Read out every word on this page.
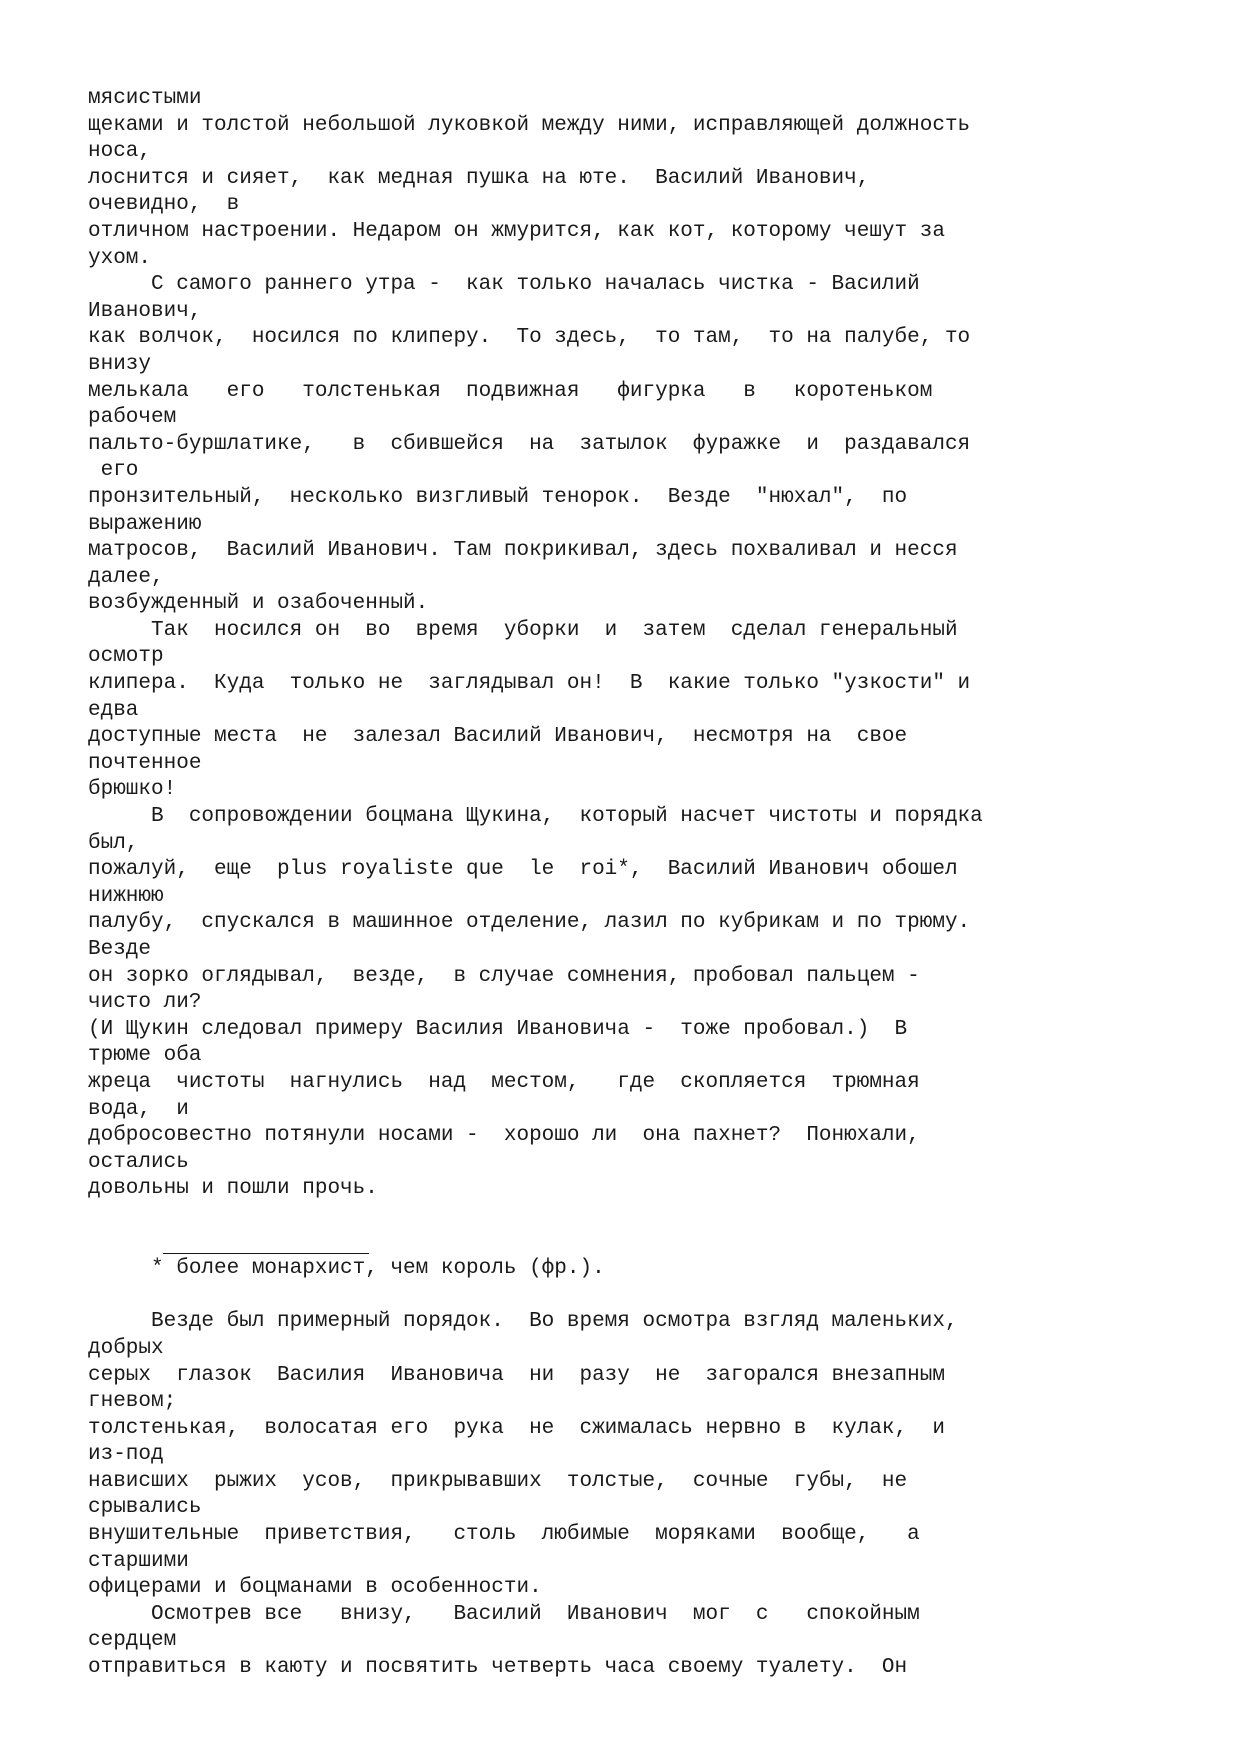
мясистыми
щеками и толстой небольшой луковкой между ними, исправляющей должность
носа,
лоснится и сияет,  как медная пушка на юте.  Василий Иванович,
очевидно,  в
отличном настроении. Недаром он жмурится, как кот, которому чешут за
ухом.
С самого раннего утра -  как только началась чистка - Василий
Иванович,
как волчок,  носился по клиперу.  То здесь,  то там,  то на палубе, то
внизу
мелькала   его   толстенькая  подвижная   фигурка   в   коротеньком
рабочем
пальто-буршлатике,   в  сбившейся  на  затылок  фуражке  и  раздавался
его
пронзительный,  несколько визгливый тенорок.  Везде  "нюхал",  по
выражению
матросов,  Василий Иванович. Там покрикивал, здесь похваливал и несся
далее,
возбужденный и озабоченный.
Так  носился он  во  время  уборки  и  затем  сделал генеральный
осмотр
клипера.  Куда  только не  заглядывал он!  В  какие только "узкости" и
едва
доступные места  не  залезал Василий Иванович,  несмотря на  свое
почтенное
брюшко!
В  сопровождении боцмана Щукина,  который насчет чистоты и порядка
был,
пожалуй,  еще  plus royaliste que  le  roi*,  Василий Иванович обошел
нижнюю
палубу,  спускался в машинное отделение, лазил по кубрикам и по трюму.
Везде
он зорко оглядывал,  везде,  в случае сомнения, пробовал пальцем -
чисто ли?
(И Щукин следовал примеру Василия Ивановича -  тоже пробовал.)  В
трюме оба
жреца  чистоты  нагнулись  над  местом,   где  скопляется  трюмная
вода,  и
добросовестно потянули носами -  хорошо ли  она пахнет?  Понюхали,
остались
довольны и пошли прочь.
* более монархист, чем король (фр.).
Везде был примерный порядок.  Во время осмотра взгляд маленьких,
добрых
серых  глазок  Василия  Ивановича  ни  разу  не  загорался внезапным
гневом;
толстенькая,  волосатая его  рука  не  сжималась нервно в  кулак,  и
из-под
нависших  рыжих  усов,  прикрывавших  толстые,  сочные  губы,  не
срывались
внушительные  приветствия,   столь  любимые  моряками  вообще,   а
старшими
офицерами и боцманами в особенности.
Осмотрев все   внизу,   Василий  Иванович  мог  с   спокойным
сердцем
отправиться в каюту и посвятить четверть часа своему туалету.  Он
